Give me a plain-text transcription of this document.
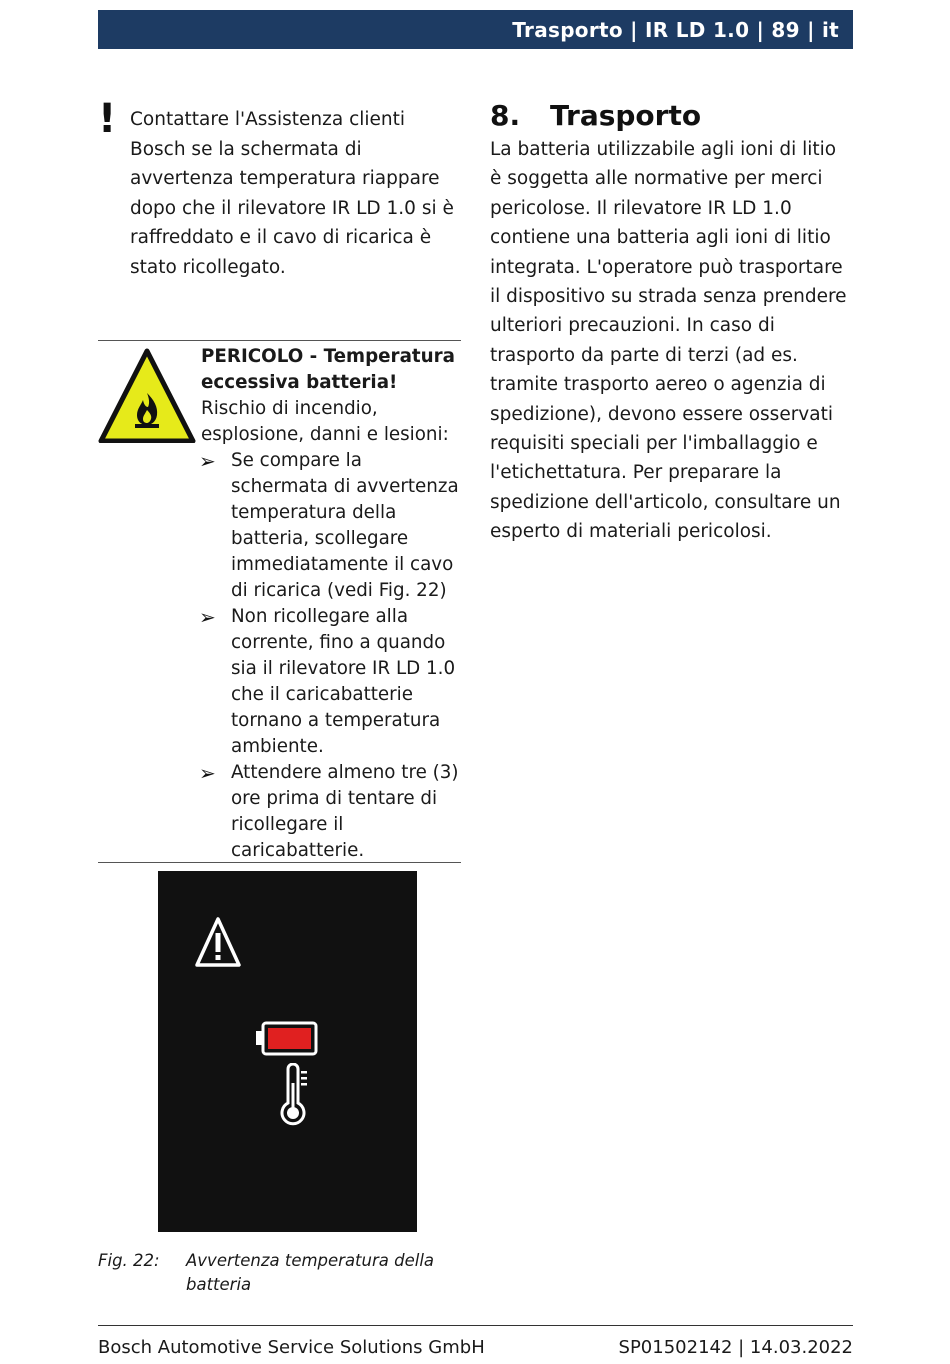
Trasporto | IR LD 1.0 | 89 | it
! Contattare l'Assistenza clienti Bosch se la schermata di avvertenza temperatura riappare dopo che il rilevatore IR LD 1.0 si è raffreddato e il cavo di ricarica è stato ricollegato.

PERICOLO - Temperatura eccessiva batteria!

Rischio di incendio, esplosione, danni e lesioni:

➢ Se compare la schermata di avvertenza temperatura della batteria, scollegare immediatamente il cavo di ricarica (vedi Fig. 22)
➢ Non ricollegare alla corrente, fino a quando sia il rilevatore IR LD 1.0 che il caricabatterie tornano a temperatura ambiente.
➢ Attendere almeno tre (3) ore prima di tentare di ricollegare il caricabatterie.
Fig. 22: Avvertenza temperatura della batteria
8. Trasporto

La batteria utilizzabile agli ioni di litio è soggetta alle normative per merci pericolose. Il rilevatore IR LD 1.0 contiene una batteria agli ioni di litio integrata. L'operatore può trasportare il dispositivo su strada senza prendere ulteriori precauzioni. In caso di trasporto da parte di terzi (ad es. tramite trasporto aereo o agenzia di spedizione), devono essere osservati requisiti speciali per l'imballaggio e l'etichettatura. Per preparare la spedizione dell'articolo, consultare un esperto di materiali pericolosi.

Bosch Automotive Service Solutions GmbH	SP01502142 | 14.03.2022
